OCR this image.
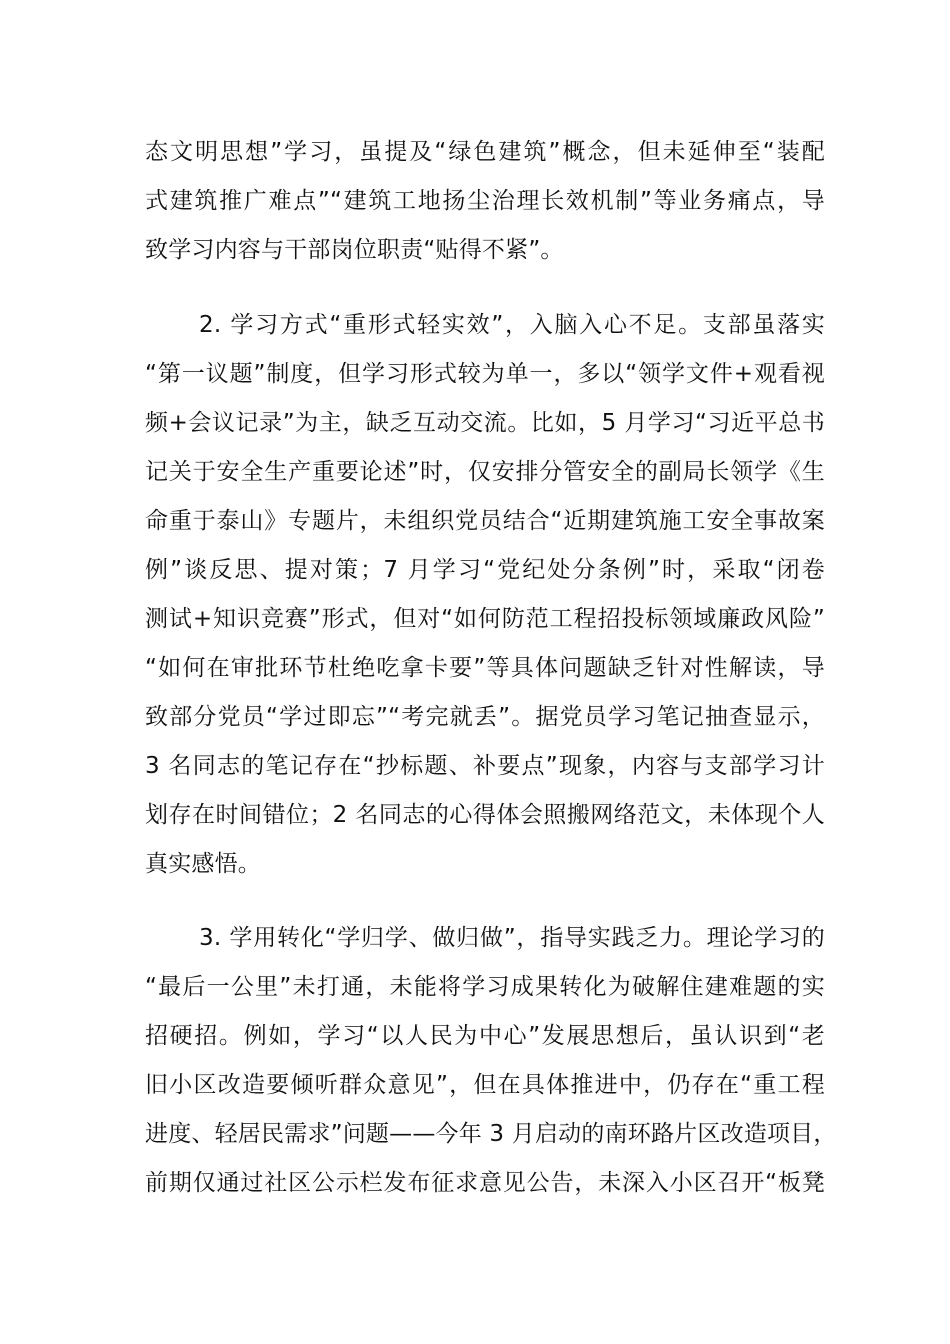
态文明思想”学习，虽提及“绿色建筑”概念，但未延伸至“装配
式建筑推广难点”“建筑工地扬尘治理长效机制”等业务痛点，导
致学习内容与干部岗位职责“贴得不紧”。
2. 学习方式“重形式轻实效”，入脑入心不足。支部虽落实
“第一议题”制度，但学习形式较为单一，多以“领学文件+观看视
频+会议记录”为主，缺乏互动交流。比如，5 月学习“习近平总书
记关于安全生产重要论述”时，仅安排分管安全的副局长领学《生
命重于泰山》专题片，未组织党员结合“近期建筑施工安全事故案
例”谈反思、提对策；7 月学习“党纪处分条例”时，采取“闭卷
测试+知识竞赛”形式，但对“如何防范工程招投标领域廉政风险”
“如何在审批环节杜绝吃拿卡要”等具体问题缺乏针对性解读，导
致部分党员“学过即忘”“考完就丢”。据党员学习笔记抽查显示，
3 名同志的笔记存在“抄标题、补要点”现象，内容与支部学习计
划存在时间错位；2 名同志的心得体会照搬网络范文，未体现个人
真实感悟。
3. 学用转化“学归学、做归做”，指导实践乏力。理论学习的
“最后一公里”未打通，未能将学习成果转化为破解住建难题的实
招硬招。例如，学习“以人民为中心”发展思想后，虽认识到“老
旧小区改造要倾听群众意见”，但在具体推进中，仍存在“重工程
进度、轻居民需求”问题——今年 3 月启动的南环路片区改造项目，
前期仅通过社区公示栏发布征求意见公告，未深入小区召开“板凳
